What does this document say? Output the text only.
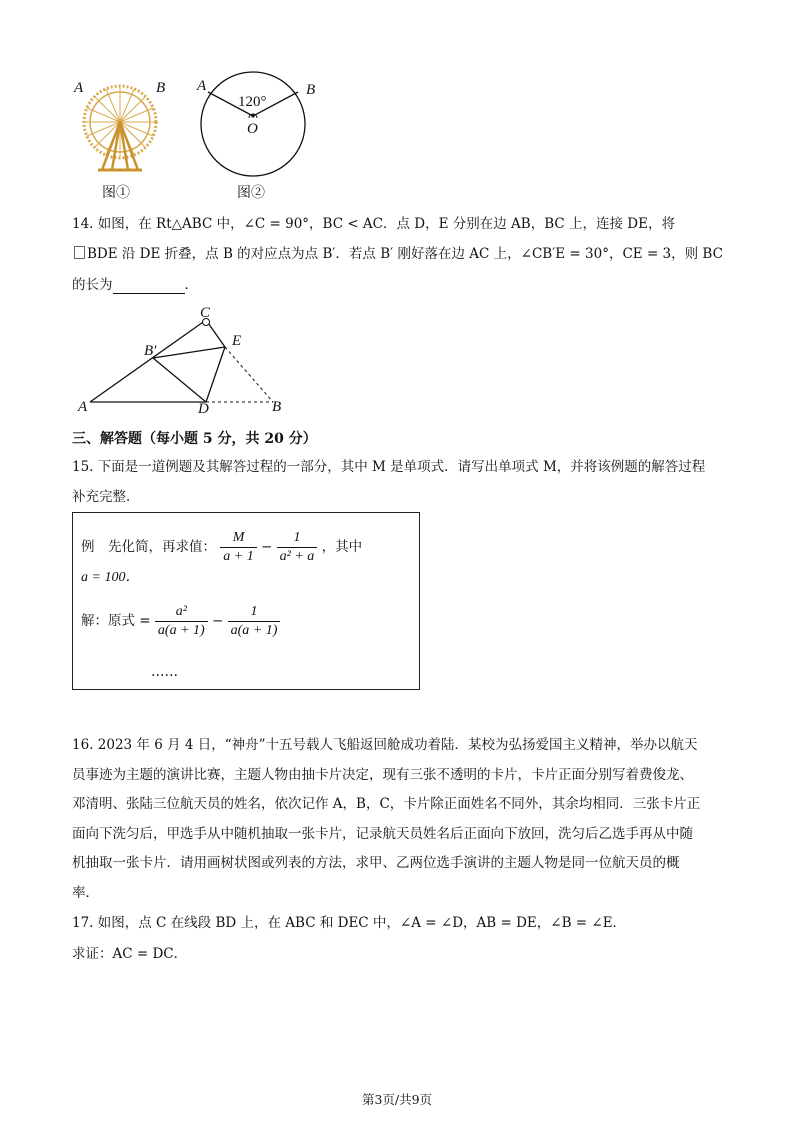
A	B
图①
A	B
120°
O
图②
14. 如图，在 Rt△ABC 中，∠C = 90°，BC < AC．点 D，E 分别在边 AB，BC 上，连接 DE，将
BDE 沿 DE 折叠，点 B 的对应点为点 B′．若点 B′ 刚好落在边 AC 上，∠CB′E = 30°，CE = 3，则 BC
的长为	．
A	B
C
D
E
B′
三、解答题（每小题 5 分，共 20 分）
15. 下面是一道例题及其解答过程的一部分，其中 M 是单项式．请写出单项式 M，并将该例题的解答过程
补充完整．
例　先化简，再求值： $\frac{M}{a + 1} - \frac{1}{\text{a² + a}}$ ，其中
a = 100．
解：原式 = $\frac{\text{a²}}{a(a + 1)} - \frac{1}{a(a + 1)}$
……
16. 2023 年 6 月 4 日，“神舟”十五号载人飞船返回舱成功着陆．某校为弘扬爱国主义精神，举办以航天
员事迹为主题的演讲比赛，主题人物由抽卡片决定，现有三张不透明的卡片，卡片正面分别写着费俊龙、
邓清明、张陆三位航天员的姓名，依次记作 A，B，C，卡片除正面姓名不同外，其余均相同．三张卡片正
面向下洗匀后，甲选手从中随机抽取一张卡片，记录航天员姓名后正面向下放回，洗匀后乙选手再从中随
机抽取一张卡片．请用画树状图或列表的方法，求甲、乙两位选手演讲的主题人物是同一位航天员的概
率．
17. 如图，点 C 在线段 BD 上，在 ABC 和 DEC 中，∠A = ∠D，AB = DE，∠B = ∠E．
求证：AC = DC．
第3页/共9页
